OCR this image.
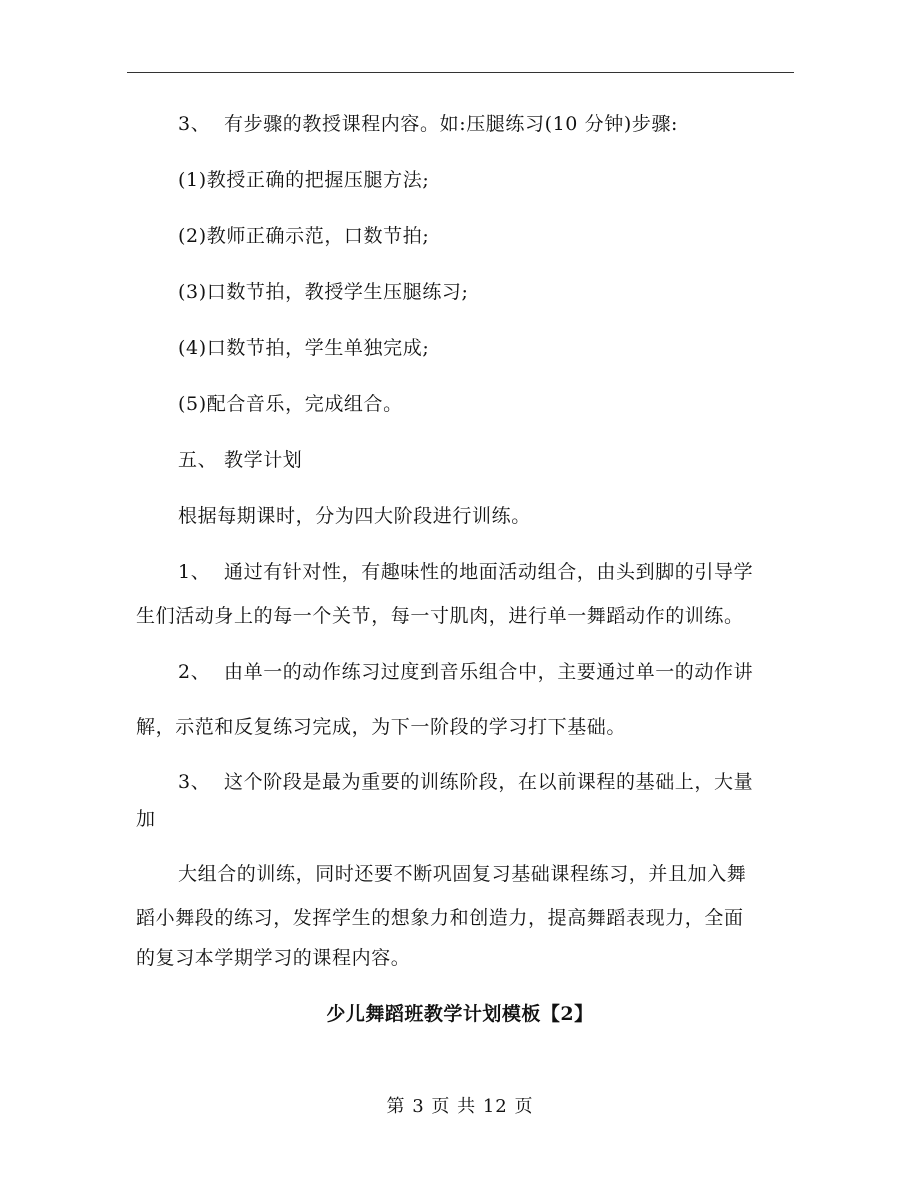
3、 有步骤的教授课程内容。如:压腿练习(10 分钟)步骤:
(1)教授正确的把握压腿方法;
(2)教师正确示范，口数节拍;
(3)口数节拍，教授学生压腿练习;
(4)口数节拍，学生单独完成;
(5)配合音乐，完成组合。
五、 教学计划
根据每期课时，分为四大阶段进行训练。
1、 通过有针对性，有趣味性的地面活动组合，由头到脚的引导学
生们活动身上的每一个关节，每一寸肌肉，进行单一舞蹈动作的训练。
2、 由单一的动作练习过度到音乐组合中，主要通过单一的动作讲
解，示范和反复练习完成，为下一阶段的学习打下基础。
3、 这个阶段是最为重要的训练阶段，在以前课程的基础上，大量
加
大组合的训练，同时还要不断巩固复习基础课程练习，并且加入舞
蹈小舞段的练习，发挥学生的想象力和创造力，提高舞蹈表现力，全面
的复习本学期学习的课程内容。
少儿舞蹈班教学计划模板【2】
第 3 页 共 12 页
